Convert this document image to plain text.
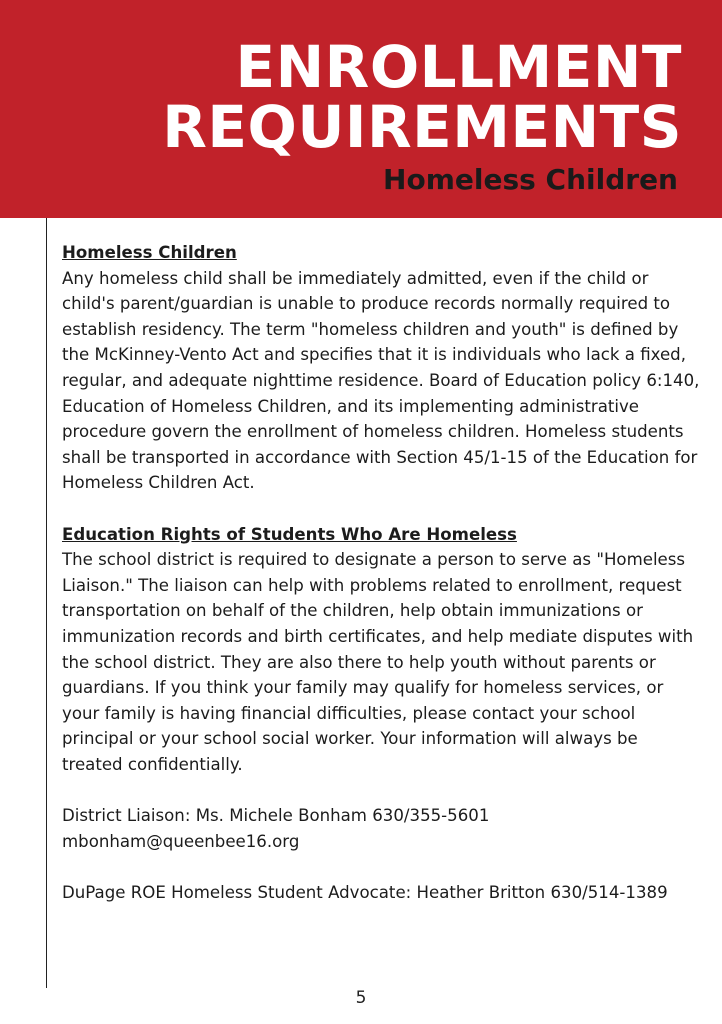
ENROLLMENT
REQUIREMENTS
Homeless Children
Homeless Children

Any homeless child shall be immediately admitted, even if the child or child's parent/guardian is unable to produce records normally required to establish residency. The term "homeless children and youth" is defined by the McKinney-Vento Act and specifies that it is individuals who lack a fixed, regular, and adequate nighttime residence. Board of Education policy 6:140, Education of Homeless Children, and its implementing administrative procedure govern the enrollment of homeless children. Homeless students shall be transported in accordance with Section 45/1-15 of the Education for Homeless Children Act.

Education Rights of Students Who Are Homeless

The school district is required to designate a person to serve as "Homeless Liaison." The liaison can help with problems related to enrollment, request transportation on behalf of the children, help obtain immunizations or immunization records and birth certificates, and help mediate disputes with the school district. They are also there to help youth without parents or guardians. If you think your family may qualify for homeless services, or your family is having financial difficulties, please contact your school principal or your school social worker. Your information will always be treated confidentially.

District Liaison: Ms. Michele Bonham 630/355-5601
mbonham@queenbee16.org
DuPage ROE Homeless Student Advocate: Heather Britton 630/514-1389
5
